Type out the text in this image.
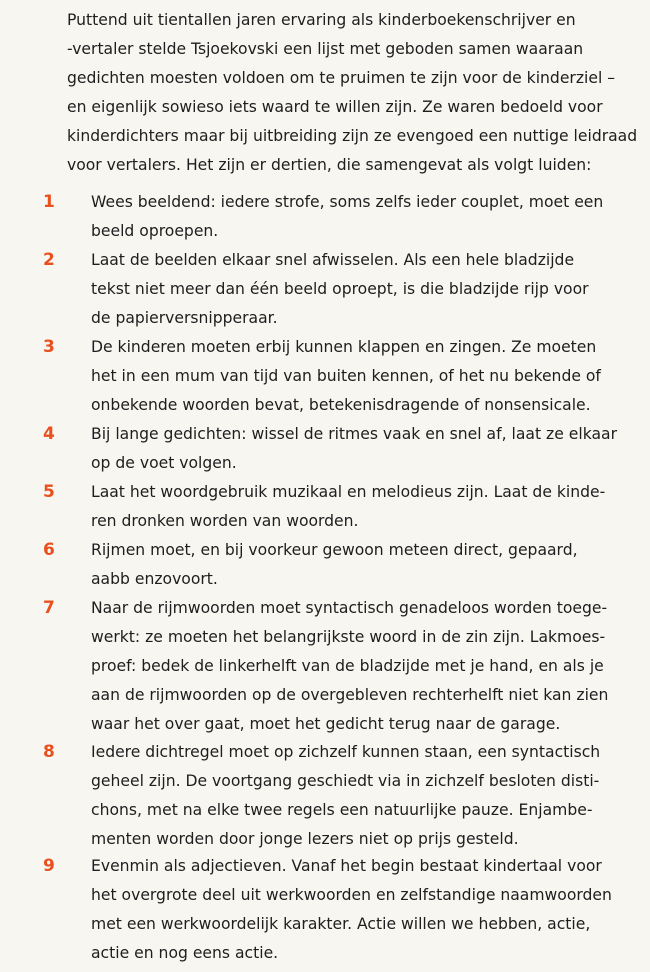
Puttend uit tientallen jaren ervaring als kinderboekenschrijver en
-vertaler stelde Tsjoekovski een lijst met geboden samen waaraan
gedichten moesten voldoen om te pruimen te zijn voor de kinderziel –
en eigenlijk sowieso iets waard te willen zijn. Ze waren bedoeld voor
kinderdichters maar bij uitbreiding zijn ze evengoed een nuttige leidraad
voor vertalers. Het zijn er dertien, die samengevat als volgt luiden:

1 Wees beeldend: iedere strofe, soms zelfs ieder couplet, moet een
beeld oproepen.
2 Laat de beelden elkaar snel afwisselen. Als een hele bladzijde
tekst niet meer dan één beeld oproept, is die bladzijde rijp voor
de papierversnipperaar.
3 De kinderen moeten erbij kunnen klappen en zingen. Ze moeten
het in een mum van tijd van buiten kennen, of het nu bekende of
onbekende woorden bevat, betekenisdragende of nonsensicale.
4 Bij lange gedichten: wissel de ritmes vaak en snel af, laat ze elkaar
op de voet volgen.
5 Laat het woordgebruik muzikaal en melodieus zijn. Laat de kinde-
ren dronken worden van woorden.
6 Rijmen moet, en bij voorkeur gewoon meteen direct, gepaard,
aabb enzovoort.
7 Naar de rijmwoorden moet syntactisch genadeloos worden toege-
werkt: ze moeten het belangrijkste woord in de zin zijn. Lakmoes-
proef: bedek de linkerhelft van de bladzijde met je hand, en als je
aan de rijmwoorden op de overgebleven rechterhelft niet kan zien
waar het over gaat, moet het gedicht terug naar de garage.
8 Iedere dichtregel moet op zichzelf kunnen staan, een syntactisch
geheel zijn. De voortgang geschiedt via in zichzelf besloten disti-
chons, met na elke twee regels een natuurlijke pauze. Enjambe-
menten worden door jonge lezers niet op prijs gesteld.
9 Evenmin als adjectieven. Vanaf het begin bestaat kindertaal voor
het overgrote deel uit werkwoorden en zelfstandige naamwoorden
met een werkwoordelijk karakter. Actie willen we hebben, actie,
actie en nog eens actie.
